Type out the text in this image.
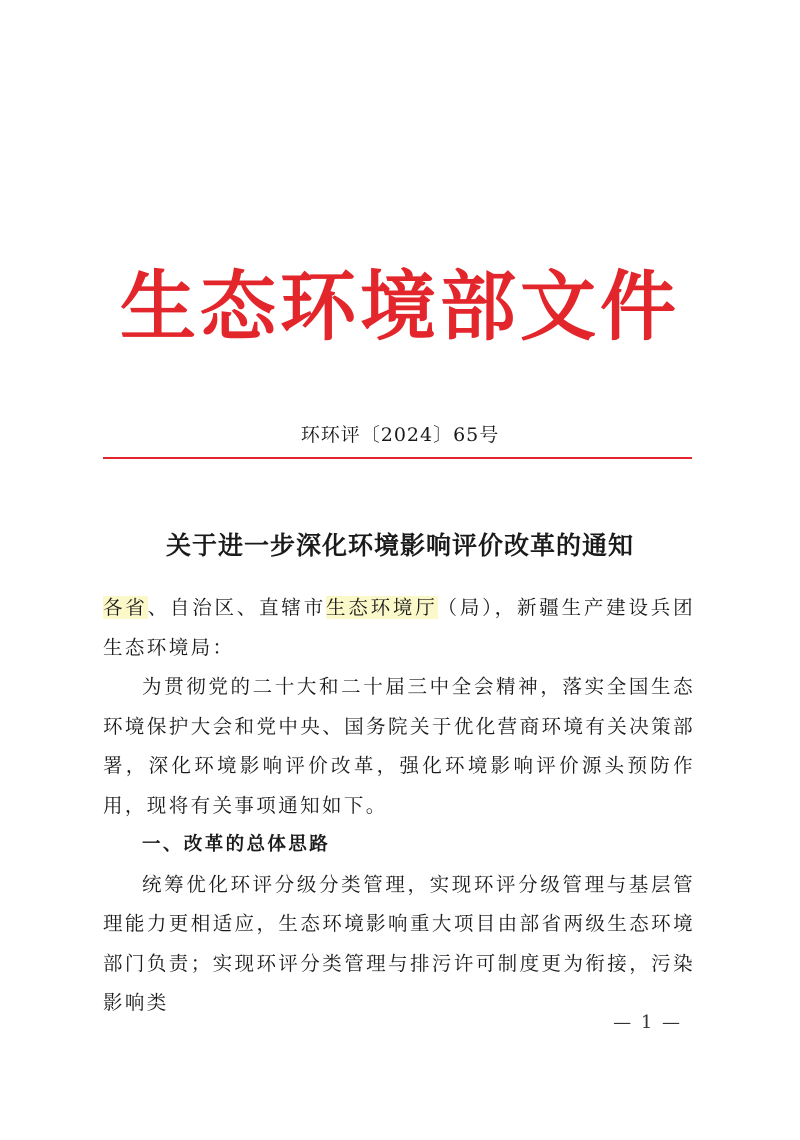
生态环境部文件
环环评〔2024〕65号
关于进一步深化环境影响评价改革的通知

各省、自治区、直辖市生态环境厅（局），新疆生产建设兵团生态环境局：

为贯彻党的二十大和二十届三中全会精神，落实全国生态环境保护大会和党中央、国务院关于优化营商环境有关决策部署，深化环境影响评价改革，强化环境影响评价源头预防作用，现将有关事项通知如下。

一、改革的总体思路

统筹优化环评分级分类管理，实现环评分级管理与基层管理能力更相适应，生态环境影响重大项目由部省两级生态环境部门负责；实现环评分类管理与排污许可制度更为衔接，污染影响类

— 1 —
